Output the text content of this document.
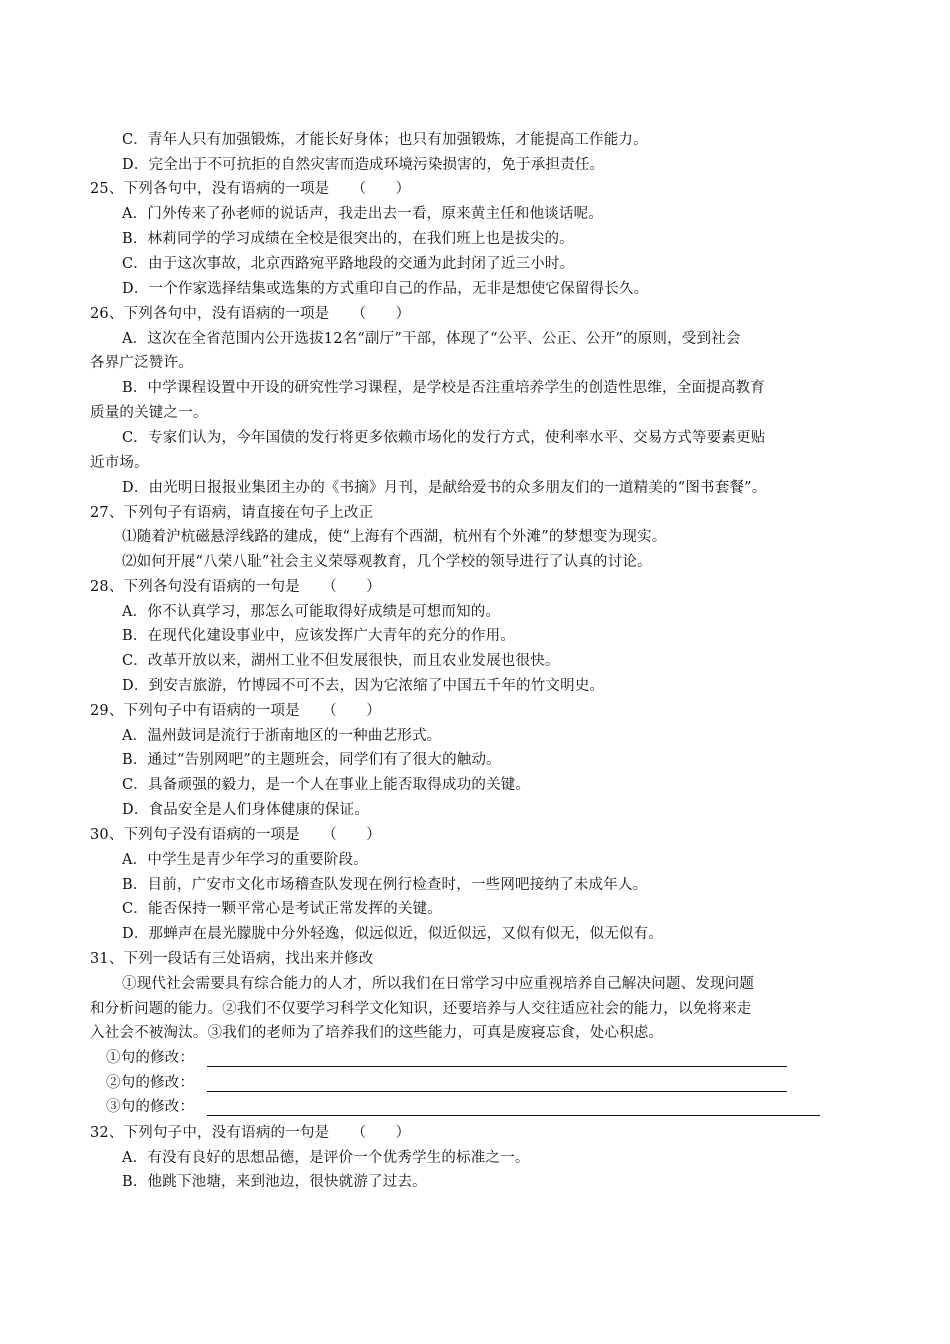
C．青年人只有加强锻炼，才能长好身体；也只有加强锻炼，才能提高工作能力。
D．完全出于不可抗拒的自然灾害而造成环境污染损害的，免于承担责任。
25、下列各句中，没有语病的一项是　　（　　）
A．门外传来了孙老师的说话声，我走出去一看，原来黄主任和他谈话呢。
B．林莉同学的学习成绩在全校是很突出的，在我们班上也是拔尖的。
C．由于这次事故，北京西路宛平路地段的交通为此封闭了近三小时。
D．一个作家选择结集或选集的方式重印自己的作品，无非是想使它保留得长久。
26、下列各句中，没有语病的一项是　　（　　）
A．这次在全省范围内公开选拔12名“副厅”干部，体现了“公平、公正、公开”的原则，受到社会
各界广泛赞许。
B．中学课程设置中开设的研究性学习课程，是学校是否注重培养学生的创造性思维，全面提高教育
质量的关键之一。
C．专家们认为，今年国债的发行将更多依赖市场化的发行方式，使利率水平、交易方式等要素更贴
近市场。
D．由光明日报报业集团主办的《书摘》月刊，是献给爱书的众多朋友们的一道精美的“图书套餐”。
27、下列句子有语病，请直接在句子上改正
⑴随着沪杭磁悬浮线路的建成，使“上海有个西湖，杭州有个外滩”的梦想变为现实。
⑵如何开展“八荣八耻”社会主义荣辱观教育，几个学校的领导进行了认真的讨论。
28、下列各句没有语病的一句是　　（　　）
A．你不认真学习，那怎么可能取得好成绩是可想而知的。
B．在现代化建设事业中，应该发挥广大青年的充分的作用。
C．改革开放以来，湖州工业不但发展很快，而且农业发展也很快。
D．到安吉旅游，竹博园不可不去，因为它浓缩了中国五千年的竹文明史。
29、下列句子中有语病的一项是　　（　　）
A．温州鼓词是流行于浙南地区的一种曲艺形式。
B．通过“告别网吧”的主题班会，同学们有了很大的触动。
C．具备顽强的毅力，是一个人在事业上能否取得成功的关键。
D．食品安全是人们身体健康的保证。
30、下列句子没有语病的一项是　　（　　）
A．中学生是青少年学习的重要阶段。
B．目前，广安市文化市场稽查队发现在例行检查时，一些网吧接纳了未成年人。
C．能否保持一颗平常心是考试正常发挥的关键。
D．那蝉声在晨光朦胧中分外轻逸，似远似近，似近似远，又似有似无，似无似有。
31、下列一段话有三处语病，找出来并修改
①现代社会需要具有综合能力的人才，所以我们在日常学习中应重视培养自己解决问题、发现问题
和分析问题的能力。②我们不仅要学习科学文化知识，还要培养与人交往适应社会的能力，以免将来走
入社会不被淘汰。③我们的老师为了培养我们的这些能力，可真是废寝忘食，处心积虑。
①句的修改：
②句的修改：
③句的修改：
32、下列句子中，没有语病的一句是　　（　　）
A．有没有良好的思想品德，是评价一个优秀学生的标准之一。
B．他跳下池塘，来到池边，很快就游了过去。
